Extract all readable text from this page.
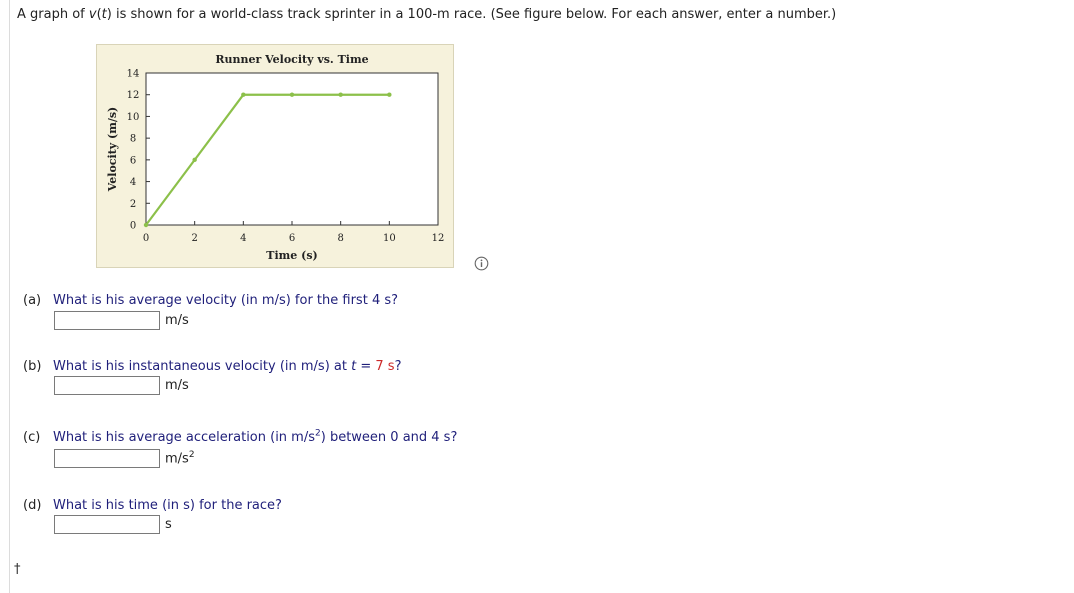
A graph of v(t) is shown for a world-class track sprinter in a 100-m race. (See figure below. For each answer, enter a number.)
Runner Velocity vs. Time
0	2	4	6	8	10	12
0
2
4
6
8
10
12
14
Time (s)
Velocity (m/s)
(a) What is his average velocity (in m/s) for the first 4 s?
m/s
(b) What is his instantaneous velocity (in m/s) at t = 7 s?
m/s
(c) What is his average acceleration (in $m/s^2$) between 0 and 4 s?
$m/s^2$
(d) What is his time (in s) for the race?
s
†
